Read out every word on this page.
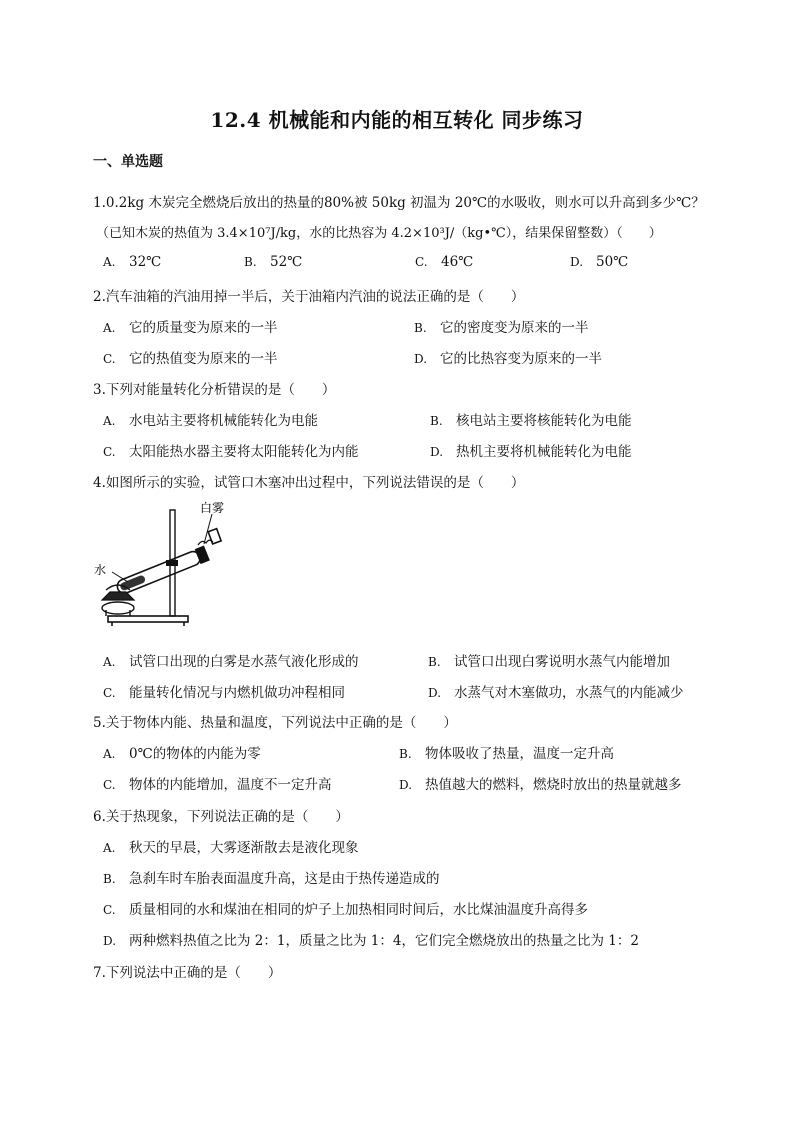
12.4 机械能和内能的相互转化 同步练习
一、单选题
1.0.2kg 木炭完全燃烧后放出的热量的80%被 50kg 初温为 20℃的水吸收，则水可以升高到多少℃？
（已知木炭的热值为 3.4×10⁷J/kg，水的比热容为 4.2×10³J/（kg•℃），结果保留整数）（　　）
A. 32℃	B. 52℃	C. 46℃	D. 50℃
2.汽车油箱的汽油用掉一半后，关于油箱内汽油的说法正确的是（　　）
A. 它的质量变为原来的一半	B. 它的密度变为原来的一半
C. 它的热值变为原来的一半	D. 它的比热容变为原来的一半
3.下列对能量转化分析错误的是（　　）
A. 水电站主要将机械能转化为电能	B. 核电站主要将核能转化为电能
C. 太阳能热水器主要将太阳能转化为内能	D. 热机主要将机械能转化为电能
4.如图所示的实验，试管口木塞冲出过程中，下列说法错误的是（　　）
白雾
水
A. 试管口出现的白雾是水蒸气液化形成的	B. 试管口出现白雾说明水蒸气内能增加
C. 能量转化情况与内燃机做功冲程相同	D. 水蒸气对木塞做功，水蒸气的内能减少
5.关于物体内能、热量和温度，下列说法中正确的是（　　）
A. 0℃的物体的内能为零	B. 物体吸收了热量，温度一定升高
C. 物体的内能增加，温度不一定升高	D. 热值越大的燃料，燃烧时放出的热量就越多
6.关于热现象，下列说法正确的是（　　）
A. 秋天的早晨，大雾逐渐散去是液化现象
B. 急刹车时车胎表面温度升高，这是由于热传递造成的
C. 质量相同的水和煤油在相同的炉子上加热相同时间后，水比煤油温度升高得多
D. 两种燃料热值之比为 2：1，质量之比为 1：4，它们完全燃烧放出的热量之比为 1：2
7.下列说法中正确的是（　　）
